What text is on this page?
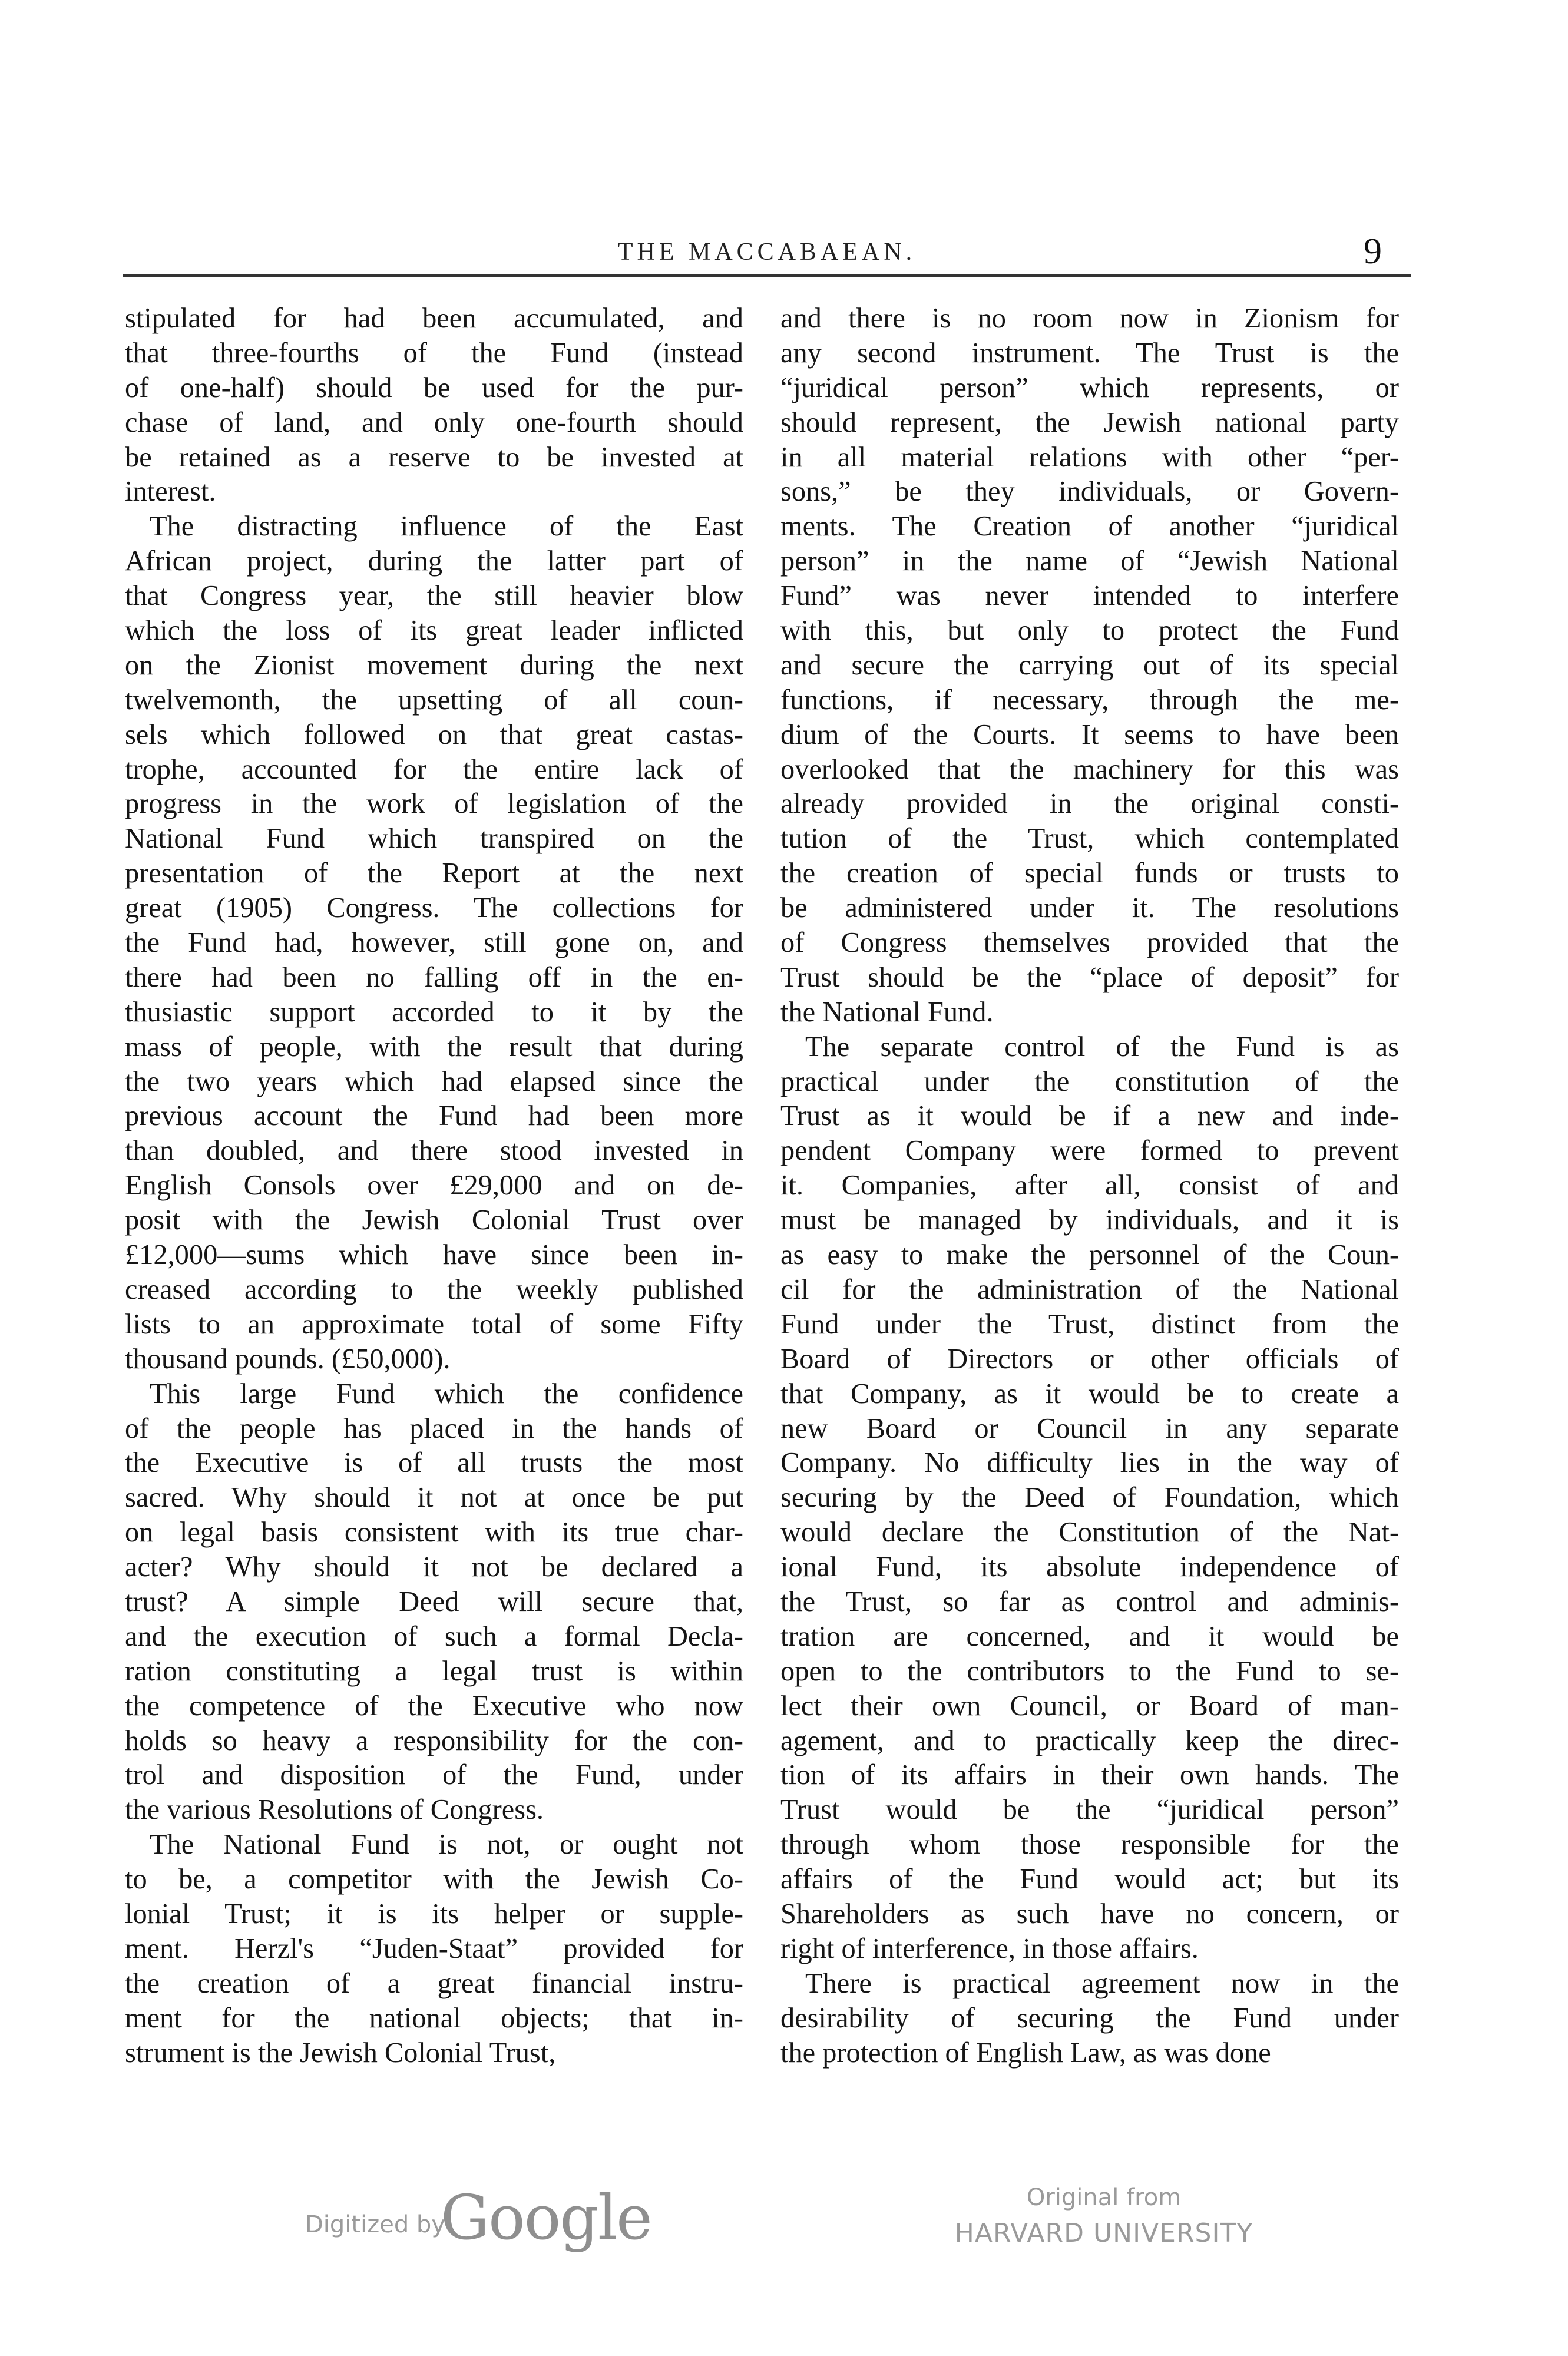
THE MACCABAEAN.	9

stipulated for had been accumulated, and

that three-fourths of the Fund (instead

of one-half) should be used for the pur-

chase of land, and only one-fourth should

be retained as a reserve to be invested at

interest.

The distracting influence of the East

African project, during the latter part of

that Congress year, the still heavier blow

which the loss of its great leader inflicted

on the Zionist movement during the next

twelvemonth, the upsetting of all coun-

sels which followed on that great castas-

trophe, accounted for the entire lack of

progress in the work of legislation of the

National Fund which transpired on the

presentation of the Report at the next

great (1905) Congress. The collections for

the Fund had, however, still gone on, and

there had been no falling off in the en-

thusiastic support accorded to it by the

mass of people, with the result that during

the two years which had elapsed since the

previous account the Fund had been more

than doubled, and there stood invested in

English Consols over £29,000 and on de-

posit with the Jewish Colonial Trust over

£12,000—sums which have since been in-

creased according to the weekly published

lists to an approximate total of some Fifty

thousand pounds. (£50,000).

This large Fund which the confidence

of the people has placed in the hands of

the Executive is of all trusts the most

sacred. Why should it not at once be put

on legal basis consistent with its true char-

acter? Why should it not be declared a

trust? A simple Deed will secure that,

and the execution of such a formal Decla-

ration constituting a legal trust is within

the competence of the Executive who now

holds so heavy a responsibility for the con-

trol and disposition of the Fund, under

the various Resolutions of Congress.

The National Fund is not, or ought not

to be, a competitor with the Jewish Co-

lonial Trust; it is its helper or supple-

ment. Herzl's “Juden-Staat” provided for

the creation of a great financial instru-

ment for the national objects; that in-

strument is the Jewish Colonial Trust,

and there is no room now in Zionism for

any second instrument. The Trust is the

“juridical person” which represents, or

should represent, the Jewish national party

in all material relations with other “per-

sons,” be they individuals, or Govern-

ments. The Creation of another “juridical

person” in the name of “Jewish National

Fund” was never intended to interfere

with this, but only to protect the Fund

and secure the carrying out of its special

functions, if necessary, through the me-

dium of the Courts. It seems to have been

overlooked that the machinery for this was

already provided in the original consti-

tution of the Trust, which contemplated

the creation of special funds or trusts to

be administered under it. The resolutions

of Congress themselves provided that the

Trust should be the “place of deposit” for

the National Fund.

The separate control of the Fund is as

practical under the constitution of the

Trust as it would be if a new and inde-

pendent Company were formed to prevent

it. Companies, after all, consist of and

must be managed by individuals, and it is

as easy to make the personnel of the Coun-

cil for the administration of the National

Fund under the Trust, distinct from the

Board of Directors or other officials of

that Company, as it would be to create a

new Board or Council in any separate

Company. No difficulty lies in the way of

securing by the Deed of Foundation, which

would declare the Constitution of the Nat-

ional Fund, its absolute independence of

the Trust, so far as control and adminis-

tration are concerned, and it would be

open to the contributors to the Fund to se-

lect their own Council, or Board of man-

agement, and to practically keep the direc-

tion of its affairs in their own hands. The

Trust would be the “juridical person”

through whom those responsible for the

affairs of the Fund would act; but its

Shareholders as such have no concern, or

right of interference, in those affairs.

There is practical agreement now in the

desirability of securing the Fund under

the protection of English Law, as was done

Digitized by
Google	Original from
HARVARD UNIVERSITY
